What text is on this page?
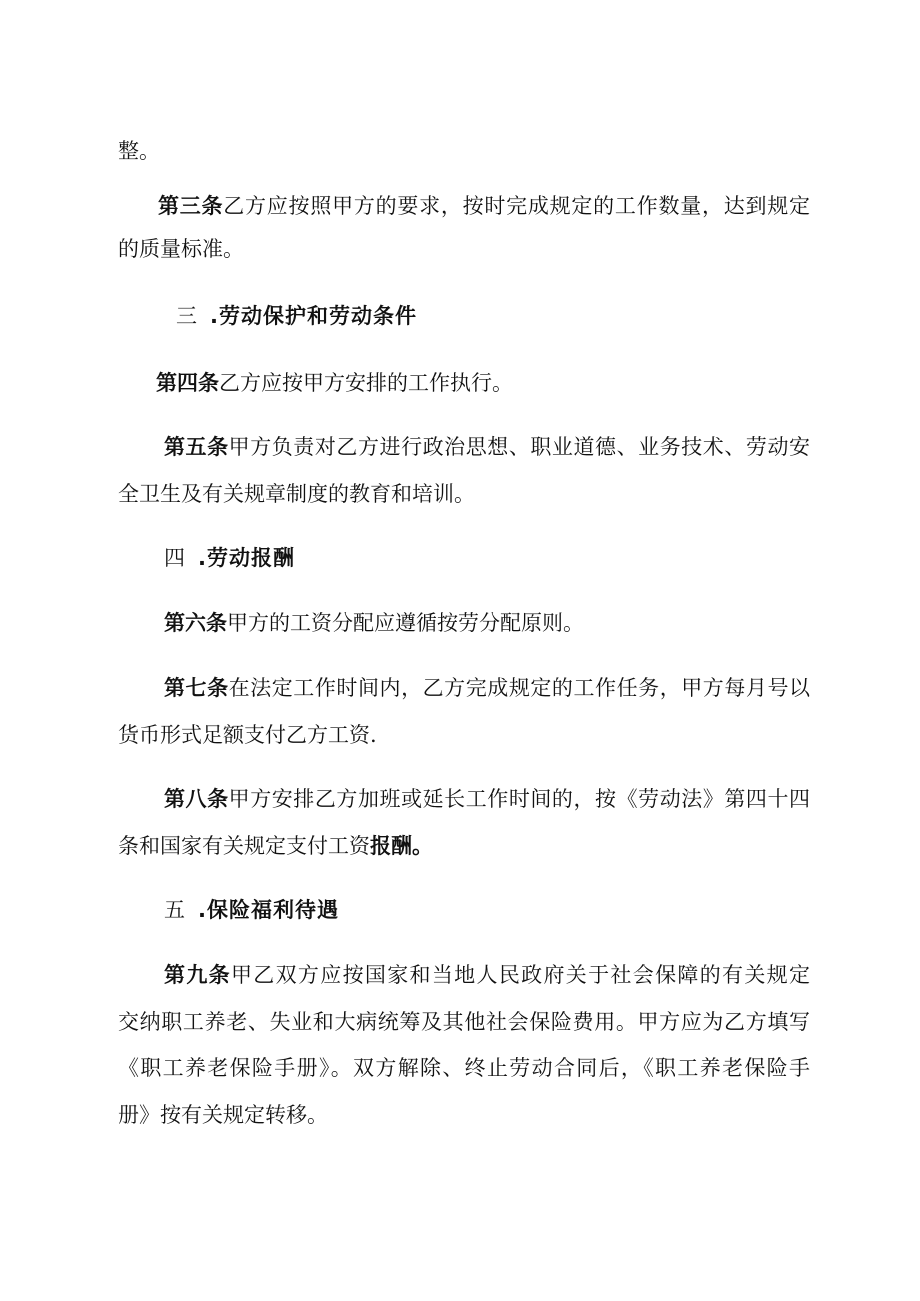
整。
第三条乙方应按照甲方的要求，按时完成规定的工作数量，达到规定
的质量标准。
三 .劳动保护和劳动条件
第四条乙方应按甲方安排的工作执行。
第五条甲方负责对乙方进行政治思想、职业道德、业务技术、劳动安
全卫生及有关规章制度的教育和培训。
四 .劳动报酬
第六条甲方的工资分配应遵循按劳分配原则。
第七条在法定工作时间内，乙方完成规定的工作任务，甲方每月号以
货币形式足额支付乙方工资.
第八条甲方安排乙方加班或延长工作时间的，按《劳动法》第四十四
条和国家有关规定支付工资报酬。
五 .保险福利待遇
第九条甲乙双方应按国家和当地人民政府关于社会保障的有关规定
交纳职工养老、失业和大病统筹及其他社会保险费用。甲方应为乙方填写
《职工养老保险手册》。双方解除、终止劳动合同后，《职工养老保险手
册》按有关规定转移。
